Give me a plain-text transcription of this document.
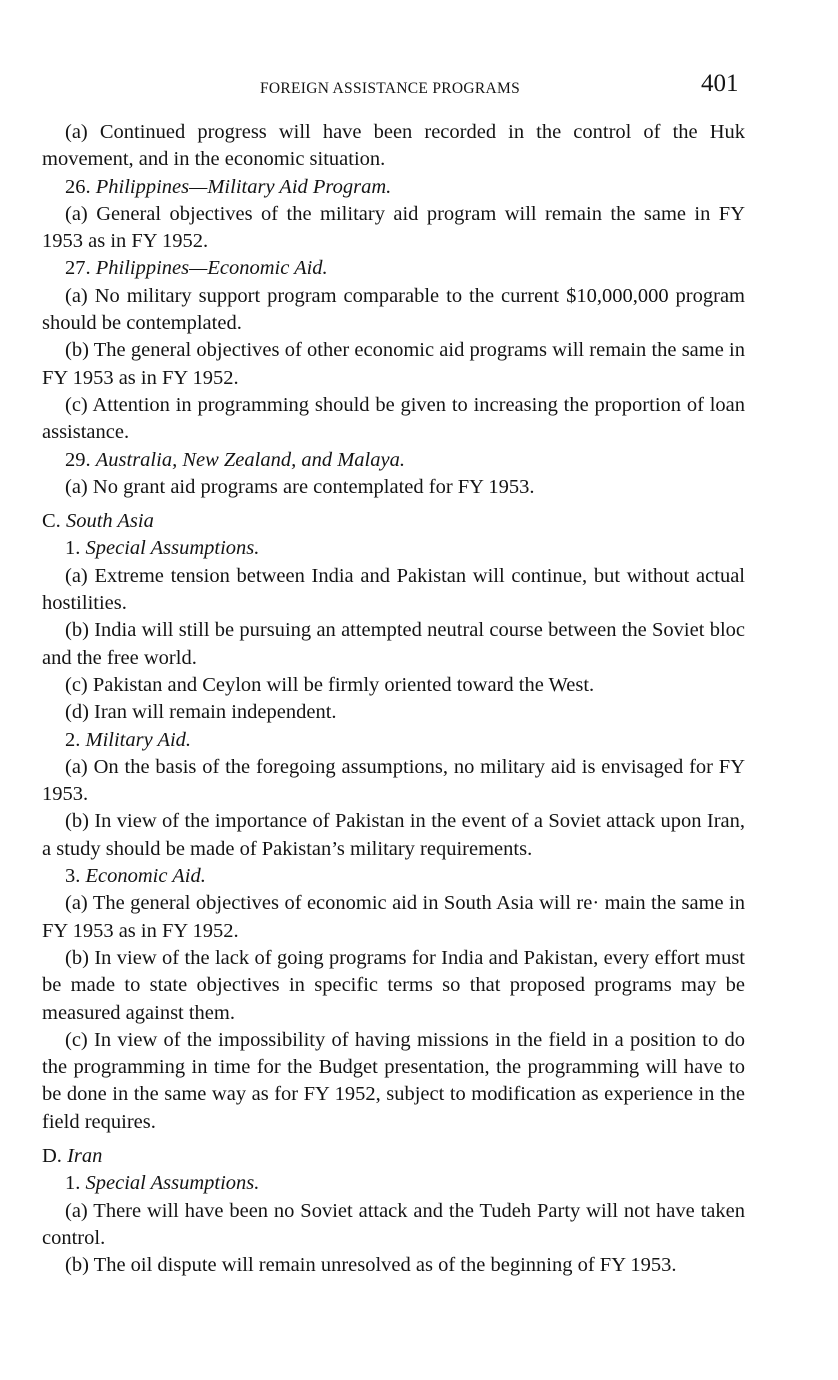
FOREIGN ASSISTANCE PROGRAMS	401

(a) Continued progress will have been recorded in the control of the Huk movement, and in the economic situation.

26. Philippines—Military Aid Program.

(a) General objectives of the military aid program will remain the same in FY 1953 as in FY 1952.

27. Philippines—Economic Aid.

(a) No military support program comparable to the current $10,000,000 program should be contemplated.

(b) The general objectives of other economic aid programs will remain the same in FY 1953 as in FY 1952.

(c) Attention in programming should be given to increasing the proportion of loan assistance.

29. Australia, New Zealand, and Malaya.

(a) No grant aid programs are contemplated for FY 1953.

C. South Asia

1. Special Assumptions.

(a) Extreme tension between India and Pakistan will continue, but without actual hostilities.

(b) India will still be pursuing an attempted neutral course between the Soviet bloc and the free world.

(c) Pakistan and Ceylon will be firmly oriented toward the West.

(d) Iran will remain independent.

2. Military Aid.

(a) On the basis of the foregoing assumptions, no military aid is envisaged for FY 1953.

(b) In view of the importance of Pakistan in the event of a Soviet attack upon Iran, a study should be made of Pakistan’s military requirements.

3. Economic Aid.

(a) The general objectives of economic aid in South Asia will re· main the same in FY 1953 as in FY 1952.

(b) In view of the lack of going programs for India and Pakistan, every effort must be made to state objectives in specific terms so that proposed programs may be measured against them.

(c) In view of the impossibility of having missions in the field in a position to do the programming in time for the Budget presentation, the programming will have to be done in the same way as for FY 1952, subject to modification as experience in the field requires.

D. Iran

1. Special Assumptions.

(a) There will have been no Soviet attack and the Tudeh Party will not have taken control.

(b) The oil dispute will remain unresolved as of the beginning of FY 1953.
